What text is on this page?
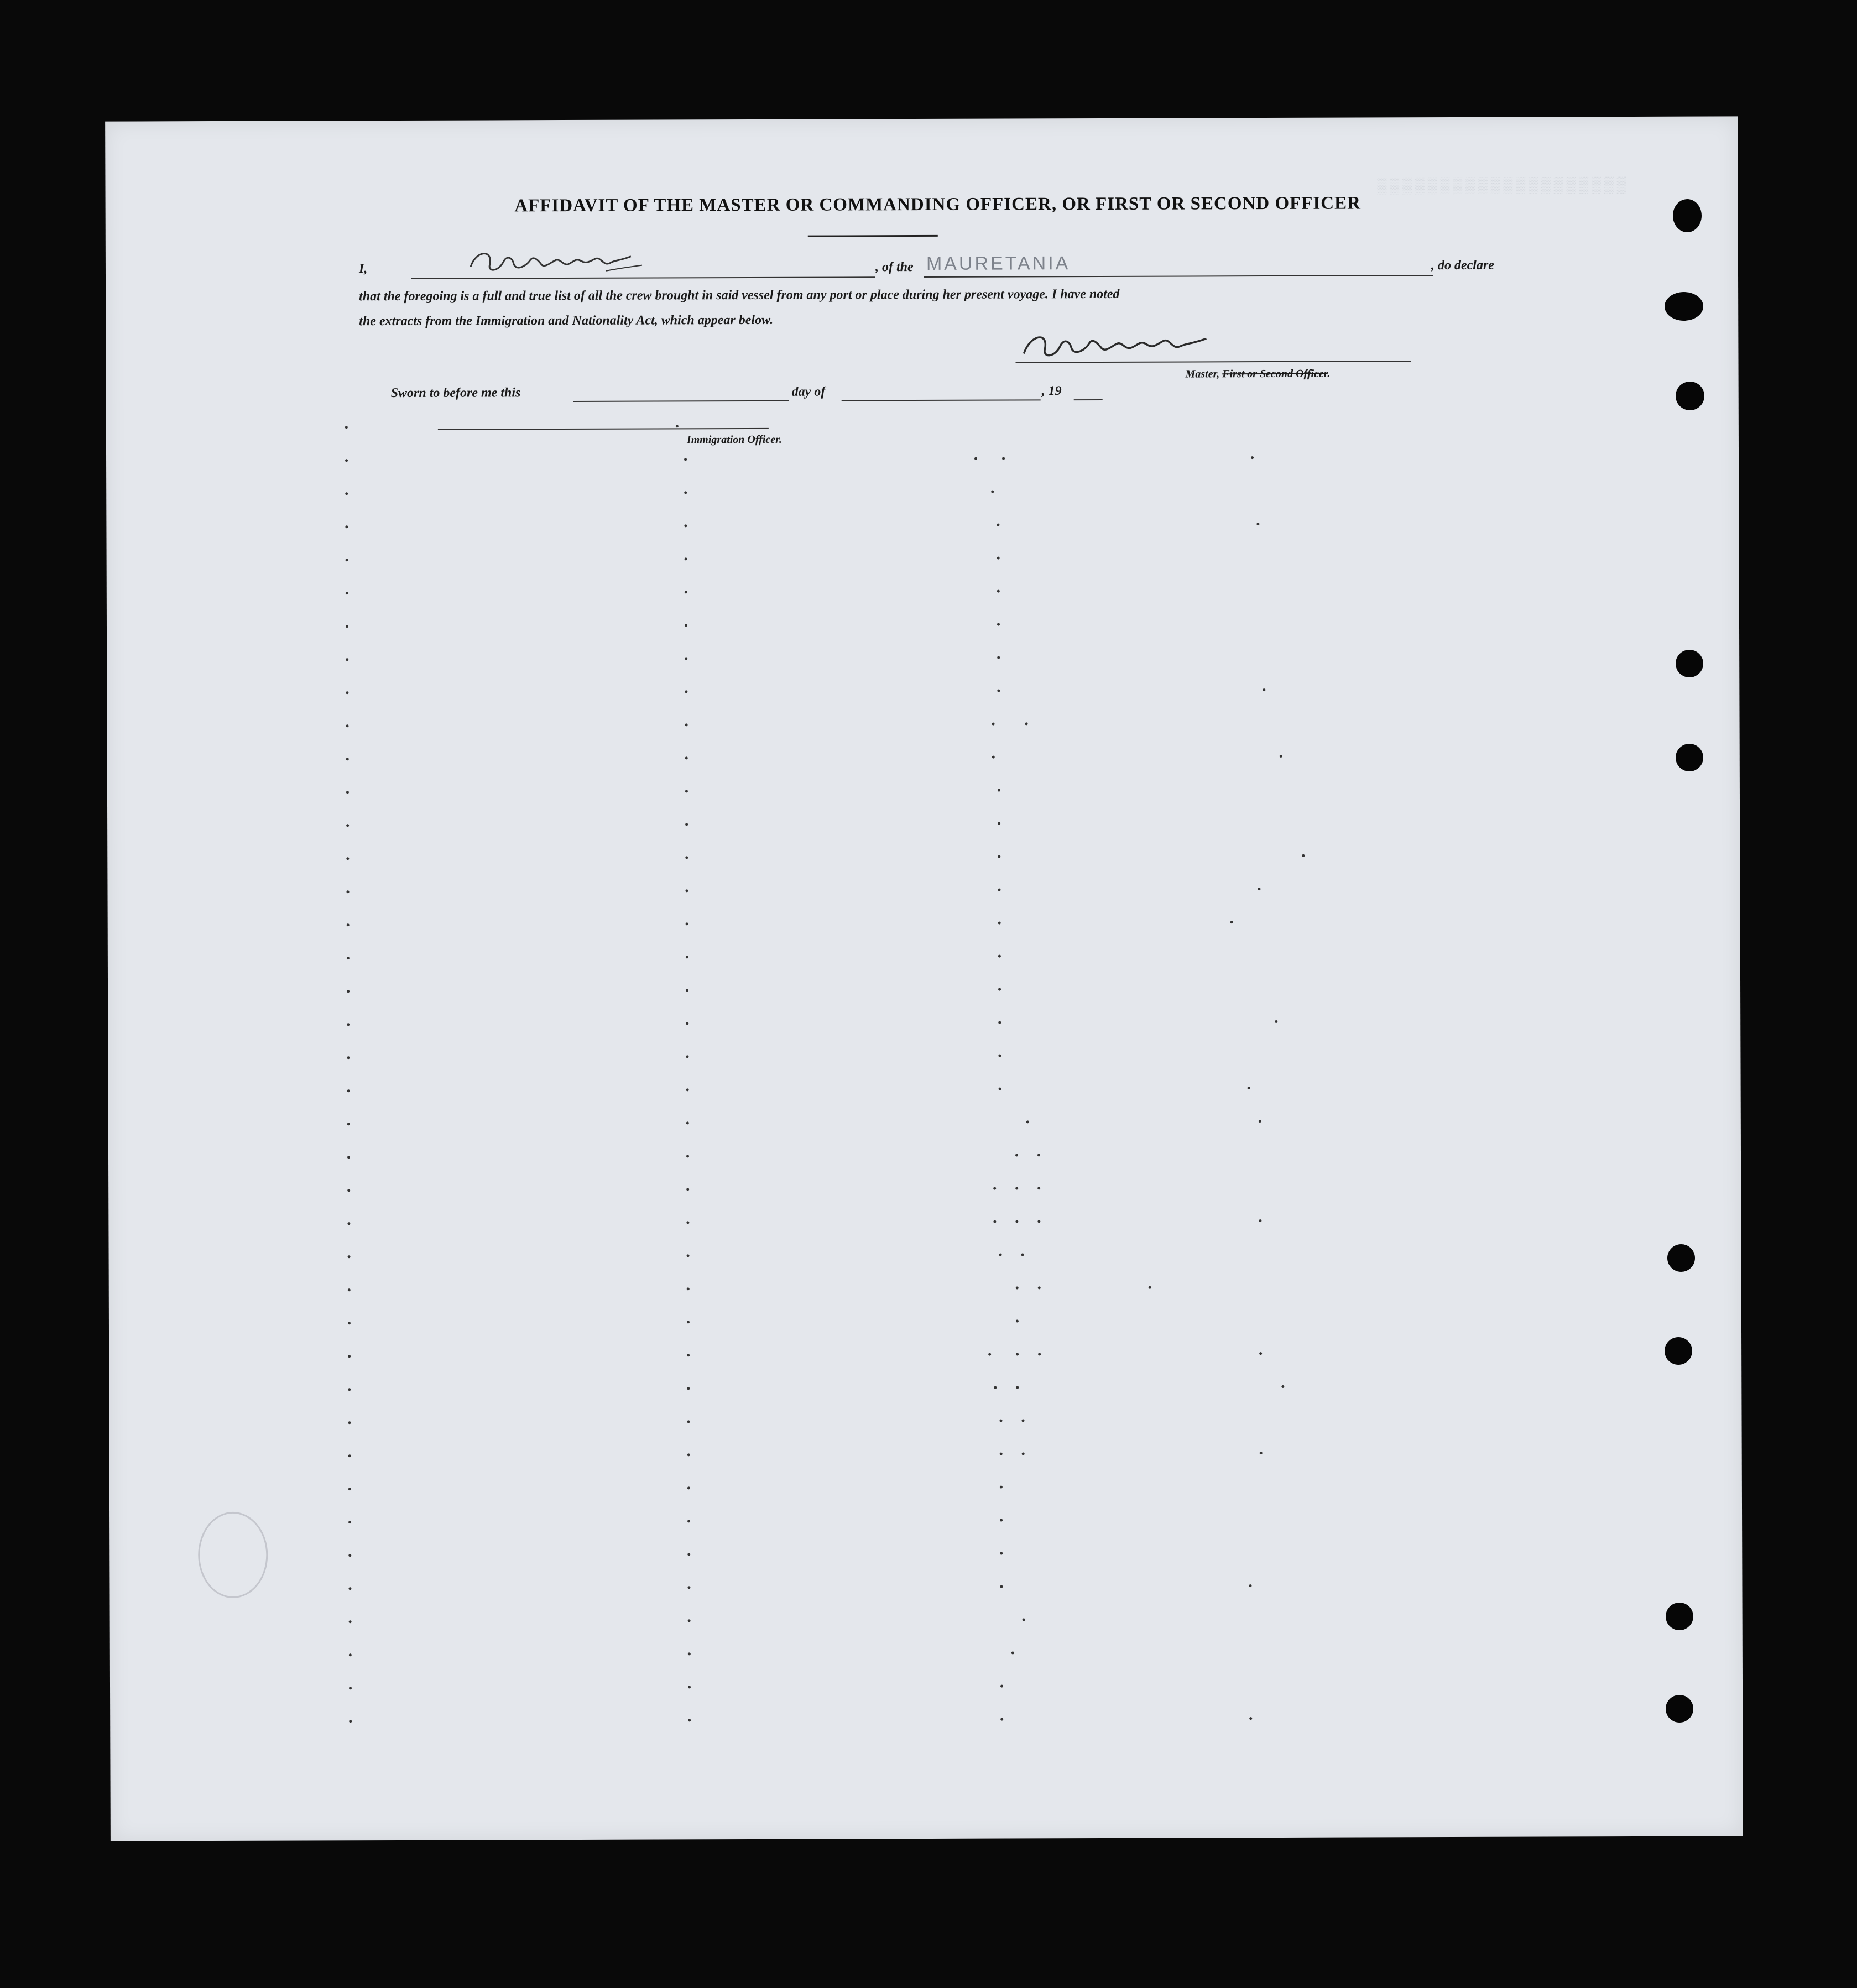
▒▒▒▒▒▒▒▒▒▒▒▒▒▒▒▒▒▒▒▒
AFFIDAVIT OF THE MASTER OR COMMANDING OFFICER, OR FIRST OR SECOND OFFICER
I,	, of the MAURETANIA	, do declare
that the foregoing is a full and true list of all the crew brought in said vessel from any port or place during her present voyage. I have noted
the extracts from the Immigration and Nationality Act, which appear below.
Master, First or Second Officer.
Sworn to before me this	day of	, 19
Immigration Officer.
